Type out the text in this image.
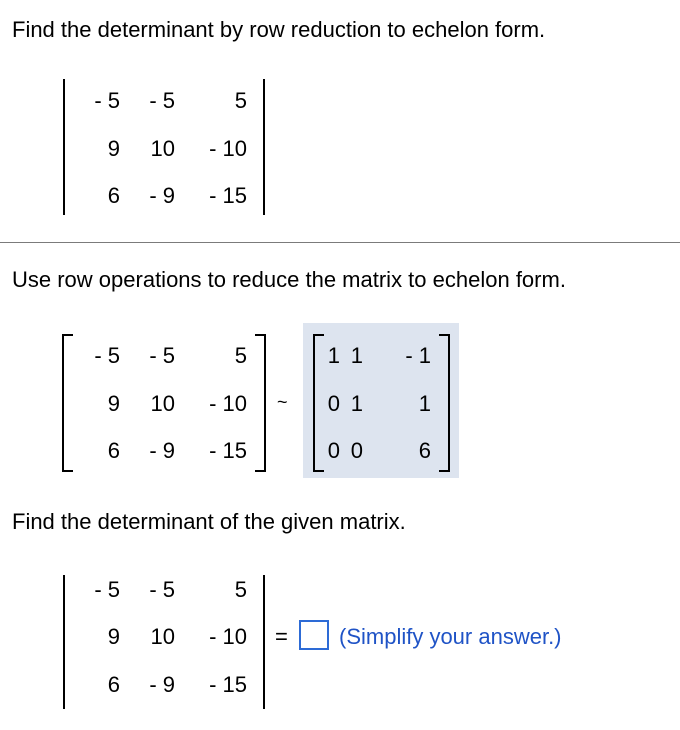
Find the determinant by row reduction to echelon form.
- 5	- 5	5
9	10	- 10
6	- 9	- 15
Use row operations to reduce the matrix to echelon form.
- 5	- 5	5
9	10	- 10
6	- 9	- 15
~
1 1	- 1
0 1	1
0 0	6
Find the determinant of the given matrix.
- 5	- 5	5
9	10	- 10
6	- 9	- 15
= (Simplify your answer.)
